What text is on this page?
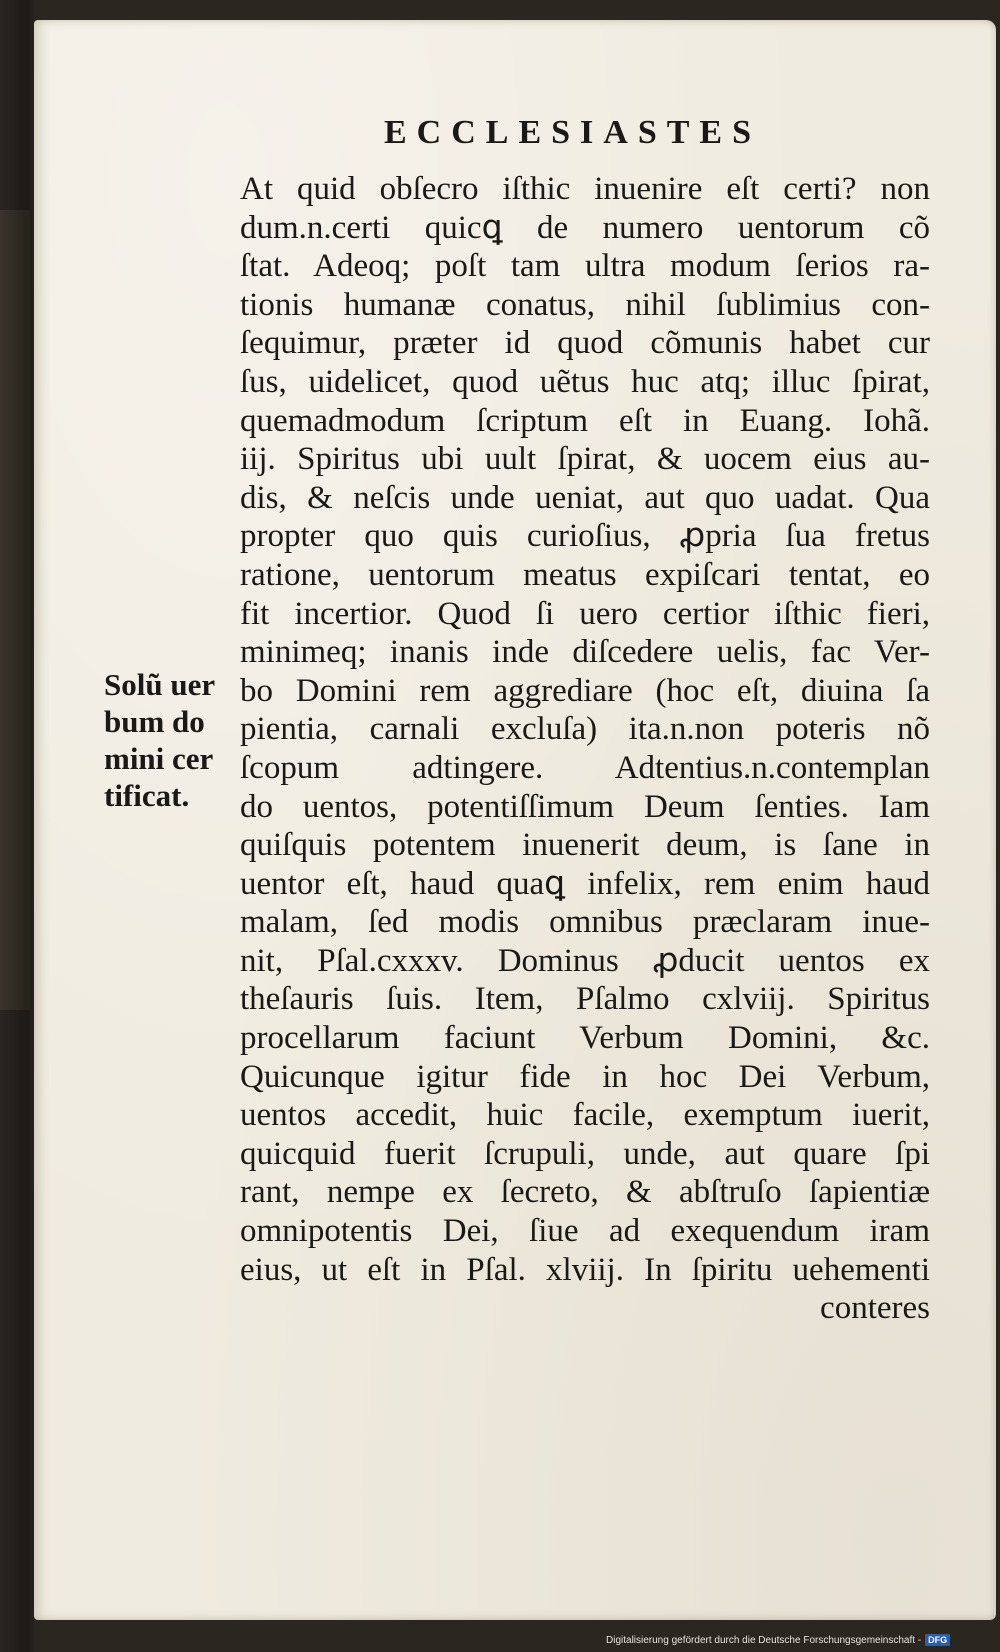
ECCLESIASTES
At quid obſecro iſthic inuenire eſt certi? non
dum.n.certi quicꝗ de numero uentorum cõ
ſtat. Adeoq; poſt tam ultra modum ſerios ra-
tionis humanæ conatus, nihil ſublimius con-
ſequimur, præter id quod cõmunis habet cur
ſus, uidelicet, quod uẽtus huc atq; illuc ſpirat,
quemadmodum ſcriptum eſt in Euang. Iohã.
iij. Spiritus ubi uult ſpirat, & uocem eius au-
dis, & neſcis unde ueniat, aut quo uadat. Qua
propter quo quis curioſius, ꝓpria ſua fretus
ratione, uentorum meatus expiſcari tentat, eo
fit incertior. Quod ſi uero certior iſthic fieri,
minimeq; inanis inde diſcedere uelis, fac Ver-
bo Domini rem aggrediare (hoc eſt, diuina ſa
pientia, carnali excluſa) ita.n.non poteris nõ
ſcopum adtingere. Adtentius.n.contemplan
do uentos, potentiſſimum Deum ſenties. Iam
quiſquis potentem inuenerit deum, is ſane in
uentor eſt, haud quaꝗ infelix, rem enim haud
malam, ſed modis omnibus præclaram inue-
nit, Pſal.cxxxv. Dominus ꝓducit uentos ex
theſauris ſuis. Item, Pſalmo cxlviij. Spiritus
procellarum faciunt Verbum Domini, &c.
Quicunque igitur fide in hoc Dei Verbum,
uentos accedit, huic facile, exemptum iuerit,
quicquid fuerit ſcrupuli, unde, aut quare ſpi
rant, nempe ex ſecreto, & abſtruſo ſapientiæ
omnipotentis Dei, ſiue ad exequendum iram
eius, ut eſt in Pſal. xlviij. In ſpiritu uehementi
conteres
Solũ uer
bum do
mini cer
tificat.
Digitalisierung gefördert durch die Deutsche Forschungsgemeinschaft - DFG
